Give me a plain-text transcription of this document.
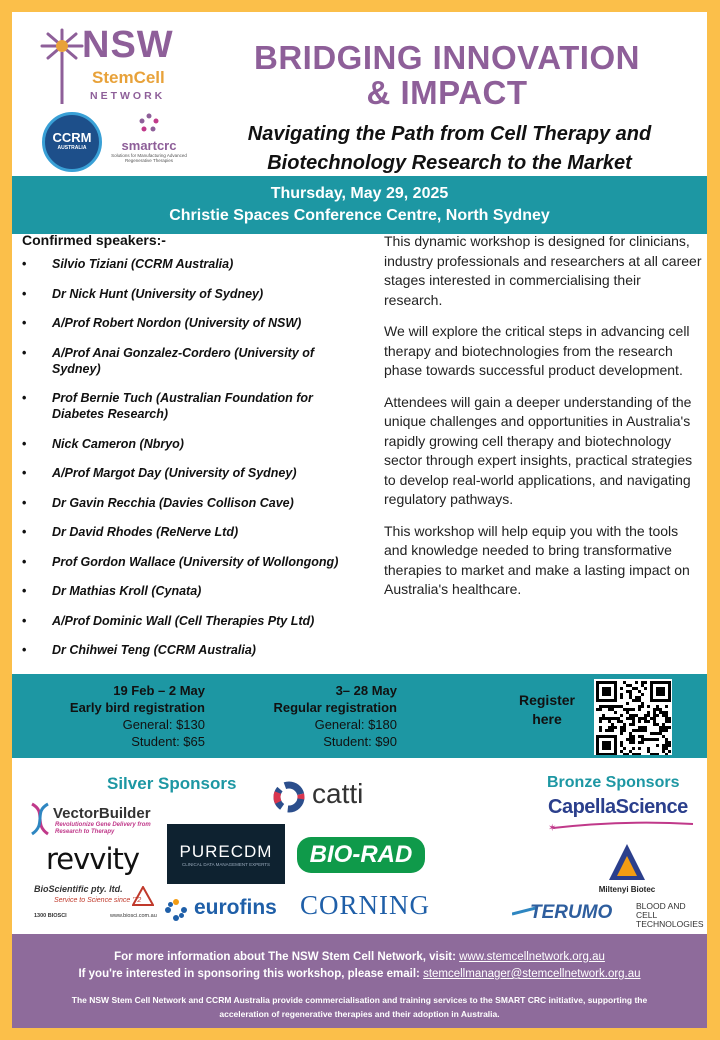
NSW
StemCell
NETWORK
CCRM
AUSTRALIA	smartcrc
Solutions for Manufacturing Advanced Regenerative Therapies
BRIDGING INNOVATION
& IMPACT
Navigating the Path from Cell Therapy and
Biotechnology Research to the Market
Thursday, May 29, 2025
Christie Spaces Conference Centre, North Sydney
Confirmed speakers:-
• Silvio Tiziani (CCRM Australia)
• Dr Nick Hunt (University of Sydney)
• A/Prof Robert Nordon (University of NSW)
• A/Prof Anai Gonzalez-Cordero (University of Sydney)
• Prof Bernie Tuch (Australian Foundation for Diabetes Research)
• Nick Cameron (Nbryo)
• A/Prof Margot Day (University of Sydney)
• Dr Gavin Recchia (Davies Collison Cave)
• Dr David Rhodes (ReNerve Ltd)
• Prof Gordon Wallace (University of Wollongong)
• Dr Mathias Kroll (Cynata)
• A/Prof Dominic Wall (Cell Therapies Pty Ltd)
• Dr Chihwei Teng (CCRM Australia)

This dynamic workshop is designed for clinicians, industry professionals and researchers at all career stages interested in commercialising their research.

We will explore the critical steps in advancing cell therapy and biotechnologies from the research phase towards successful product development.

Attendees will gain a deeper understanding of the unique challenges and opportunities in Australia's rapidly growing cell therapy and biotechnology sector through expert insights, practical strategies to develop real-world applications, and navigating regulatory pathways.

This workshop will help equip you with the tools and knowledge needed to bring transformative therapies to market and make a lasting impact on Australia's healthcare.

19 Feb – 2 May
Early bird registration
General: $130
Student: $65
3– 28 May
Regular registration
General: $180
Student: $90
Register
here
Silver Sponsors	Bronze Sponsors
VectorBuilder
Revolutionize Gene Delivery from Research to Therapy
catti
revvity	PURECDM
CLINICAL DATA MANAGEMENT EXPERTS	BIO-RAD
BioScientific pty. ltd.
Service to Science since '72
1300 BIOSCI	www.biosci.com.au eurofins CORNING
CapellaScience
✶
Miltenyi Biotec
TERUMO	BLOOD AND CELL
TECHNOLOGIES
For more information about The NSW Stem Cell Network, visit: www.stemcellnetwork.org.au
If you're interested in sponsoring this workshop, please email: stemcellmanager@stemcellnetwork.org.au
The NSW Stem Cell Network and CCRM Australia provide commercialisation and training services to the SMART CRC initiative, supporting the acceleration of regenerative therapies and their adoption in Australia.
